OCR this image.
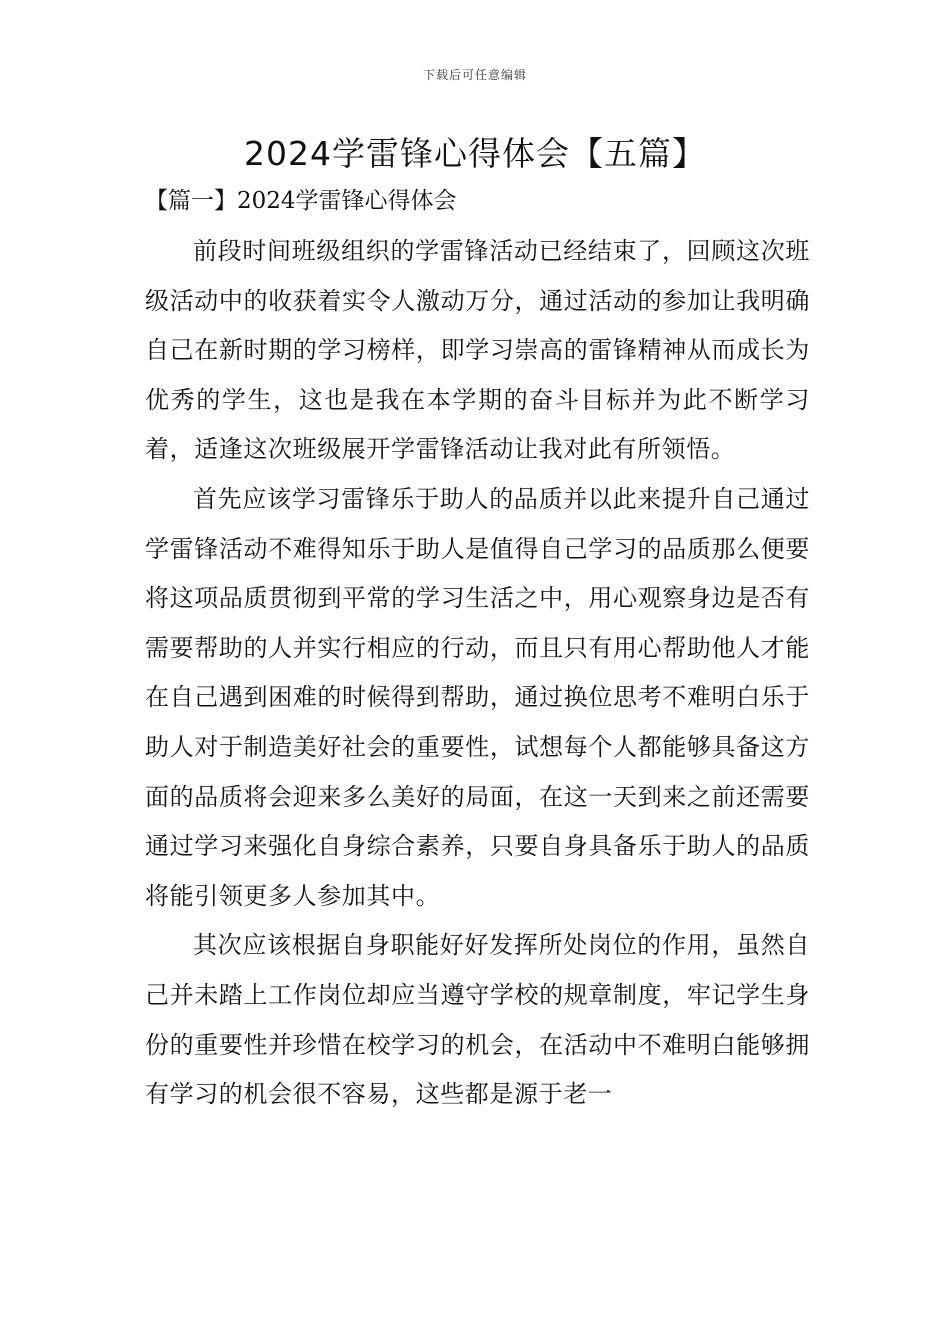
下载后可任意编辑
2024学雷锋心得体会【五篇】
【篇一】2024学雷锋心得体会

前段时间班级组织的学雷锋活动已经结束了，回顾这次班级活动中的收获着实令人激动万分，通过活动的参加让我明确自己在新时期的学习榜样，即学习崇高的雷锋精神从而成长为优秀的学生，这也是我在本学期的奋斗目标并为此不断学习着，适逢这次班级展开学雷锋活动让我对此有所领悟。

首先应该学习雷锋乐于助人的品质并以此来提升自己通过学雷锋活动不难得知乐于助人是值得自己学习的品质那么便要将这项品质贯彻到平常的学习生活之中，用心观察身边是否有需要帮助的人并实行相应的行动，而且只有用心帮助他人才能在自己遇到困难的时候得到帮助，通过换位思考不难明白乐于助人对于制造美好社会的重要性，试想每个人都能够具备这方面的品质将会迎来多么美好的局面，在这一天到来之前还需要通过学习来强化自身综合素养，只要自身具备乐于助人的品质将能引领更多人参加其中。

其次应该根据自身职能好好发挥所处岗位的作用，虽然自己并未踏上工作岗位却应当遵守学校的规章制度，牢记学生身份的重要性并珍惜在校学习的机会，在活动中不难明白能够拥有学习的机会很不容易，这些都是源于老一
